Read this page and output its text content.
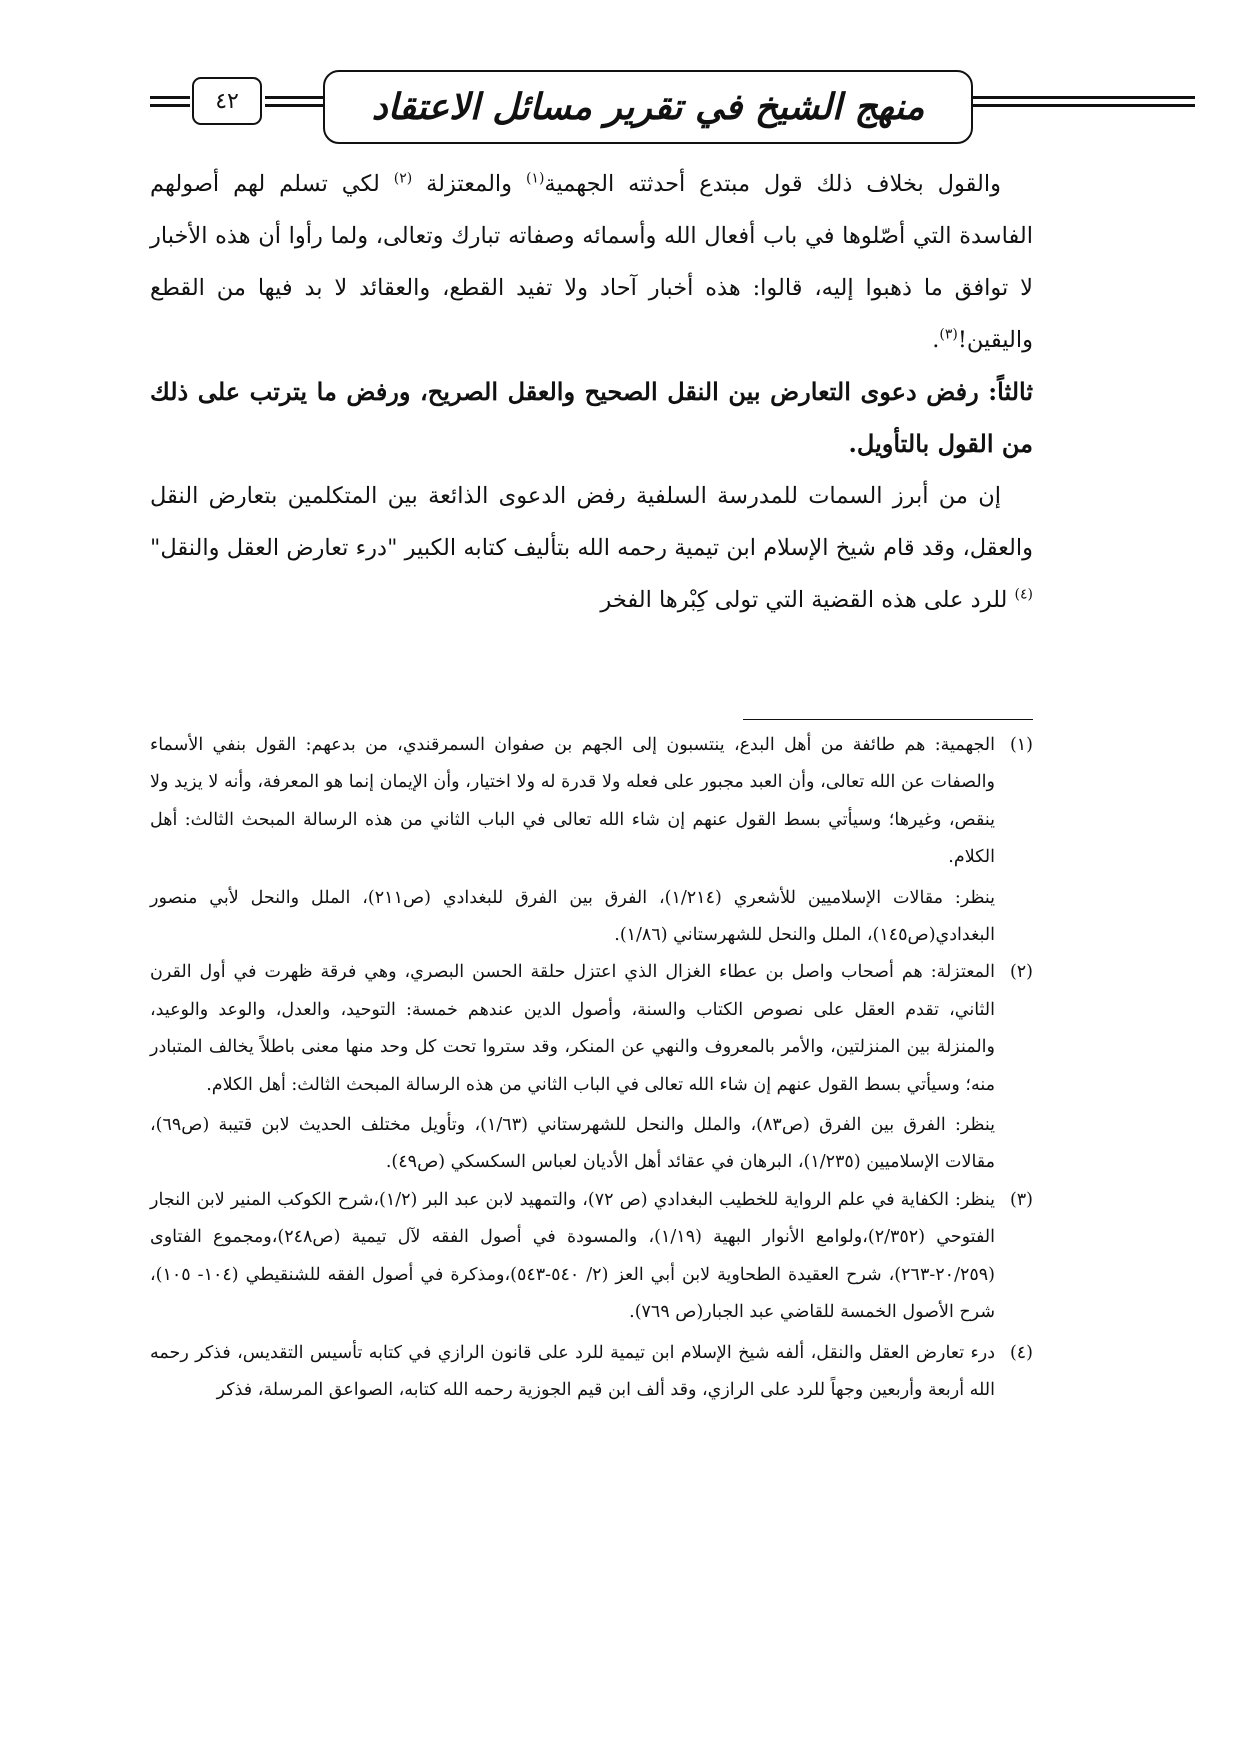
٤٢	منهج الشيخ في تقرير مسائل الاعتقاد

والقول بخلاف ذلك قول مبتدع أحدثته الجهمية$^{(١)}$ والمعتزلة $^{(٢)}$ لكي تسلم لهم أصولهم الفاسدة التي أصّلوها في باب أفعال الله وأسمائه وصفاته تبارك وتعالى، ولما رأوا أن هذه الأخبار لا توافق ما ذهبوا إليه، قالوا: هذه أخبار آحاد ولا تفيد القطع، والعقائد لا بد فيها من القطع واليقين!$^{(٣)}$.

ثالثاً: رفض دعوى التعارض بين النقل الصحيح والعقل الصريح، ورفض ما يترتب على ذلك من القول بالتأويل.

إن من أبرز السمات للمدرسة السلفية رفض الدعوى الذائعة بين المتكلمين بتعارض النقل والعقل، وقد قام شيخ الإسلام ابن تيمية رحمه الله بتأليف كتابه الكبير "درء تعارض العقل والنقل"$^{(٤)}$ للرد على هذه القضية التي تولى كِبْرها الفخر

(١)
الجهمية: هم طائفة من أهل البدع، ينتسبون إلى الجهم بن صفوان السمرقندي، من بدعهم: القول بنفي الأسماء والصفات عن الله تعالى، وأن العبد مجبور على فعله ولا قدرة له ولا اختيار، وأن الإيمان إنما هو المعرفة، وأنه لا يزيد ولا ينقص، وغيرها؛ وسيأتي بسط القول عنهم إن شاء الله تعالى في الباب الثاني من هذه الرسالة المبحث الثالث: أهل الكلام.
ينظر: مقالات الإسلاميين للأشعري (١/٢١٤)، الفرق بين الفرق للبغدادي (ص٢١١)، الملل والنحل لأبي منصور البغدادي(ص١٤٥)، الملل والنحل للشهرستاني (١/٨٦).
(٢)
المعتزلة: هم أصحاب واصل بن عطاء الغزال الذي اعتزل حلقة الحسن البصري، وهي فرقة ظهرت في أول القرن الثاني، تقدم العقل على نصوص الكتاب والسنة، وأصول الدين عندهم خمسة: التوحيد، والعدل، والوعد والوعيد، والمنزلة بين المنزلتين، والأمر بالمعروف والنهي عن المنكر، وقد ستروا تحت كل وحد منها معنى باطلاً يخالف المتبادر منه؛ وسيأتي بسط القول عنهم إن شاء الله تعالى في الباب الثاني من هذه الرسالة المبحث الثالث: أهل الكلام.
ينظر: الفرق بين الفرق (ص٨٣)، والملل والنحل للشهرستاني (١/٦٣)، وتأويل مختلف الحديث لابن قتيبة (ص٦٩)، مقالات الإسلاميين (١/٢٣٥)، البرهان في عقائد أهل الأديان لعباس السكسكي (ص٤٩).
(٣)
ينظر: الكفاية في علم الرواية للخطيب البغدادي (ص ٧٢)، والتمهيد لابن عبد البر (١/٢)،شرح الكوكب المنير لابن النجار الفتوحي (٢/٣٥٢)،ولوامع الأنوار البهية (١/١٩)، والمسودة في أصول الفقه لآل تيمية (ص٢٤٨)،ومجموع الفتاوى (٢٠/٢٥٩-٢٦٣)، شرح العقيدة الطحاوية لابن أبي العز (٢/ ٥٤٠-٥٤٣)،ومذكرة في أصول الفقه للشنقيطي (١٠٤- ١٠٥)، شرح الأصول الخمسة للقاضي عبد الجبار(ص ٧٦٩).
(٤)
درء تعارض العقل والنقل، ألفه شيخ الإسلام ابن تيمية للرد على قانون الرازي في كتابه تأسيس التقديس، فذكر رحمه الله أربعة وأربعين وجهاً للرد على الرازي، وقد ألف ابن قيم الجوزية رحمه الله كتابه، الصواعق المرسلة، فذكر
